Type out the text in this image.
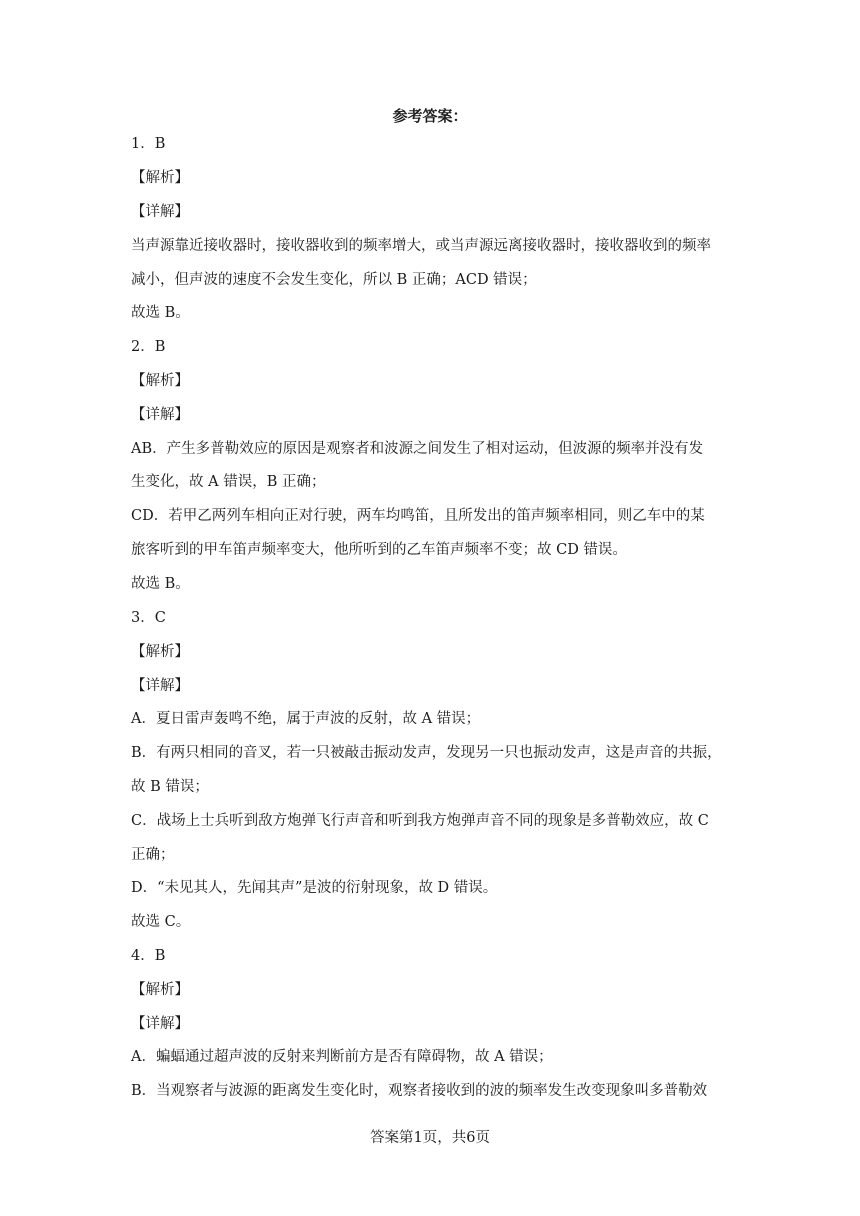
参考答案：
1．B
【解析】
【详解】
当声源靠近接收器时，接收器收到的频率增大，或当声源远离接收器时，接收器收到的频率
减小，但声波的速度不会发生变化，所以 B 正确；ACD 错误；
故选 B。
2．B
【解析】
【详解】
AB．产生多普勒效应的原因是观察者和波源之间发生了相对运动，但波源的频率并没有发
生变化，故 A 错误，B 正确；
CD．若甲乙两列车相向正对行驶，两车均鸣笛，且所发出的笛声频率相同，则乙车中的某
旅客听到的甲车笛声频率变大，他所听到的乙车笛声频率不变；故 CD 错误。
故选 B。
3．C
【解析】
【详解】
A．夏日雷声轰鸣不绝，属于声波的反射，故 A 错误；
B．有两只相同的音叉，若一只被敲击振动发声，发现另一只也振动发声，这是声音的共振，
故 B 错误；
C．战场上士兵听到敌方炮弹飞行声音和听到我方炮弹声音不同的现象是多普勒效应，故 C
正确；
D．“未见其人，先闻其声”是波的衍射现象，故 D 错误。
故选 C。
4．B
【解析】
【详解】
A．蝙蝠通过超声波的反射来判断前方是否有障碍物，故 A 错误；
B．当观察者与波源的距离发生变化时，观察者接收到的波的频率发生改变现象叫多普勒效
答案第1页，共6页
